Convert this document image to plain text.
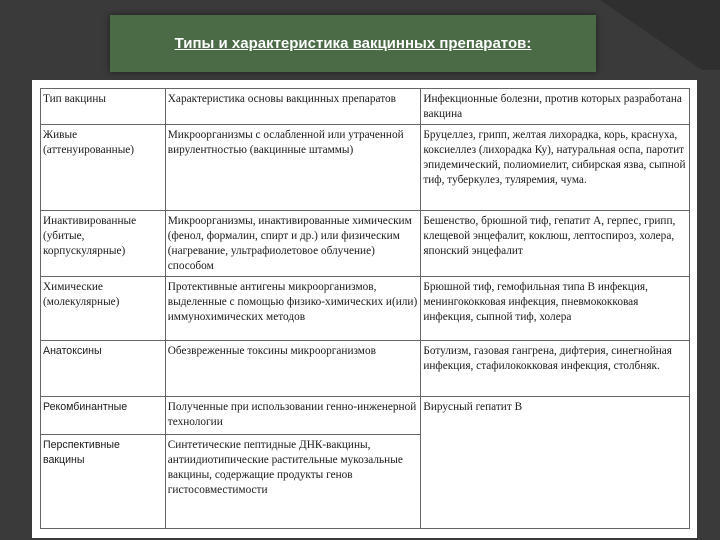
Типы и характеристика вакцинных препаратов:
Тип вакцины	Характеристика основы вакцинных препаратов	Инфекционные болезни, против которых разработана вакцина
Живые (аттенуированные)	Микроорганизмы с ослабленной или утраченной вирулентностью (вакцинные штаммы)	Бруцеллез, грипп, желтая лихорадка, корь, краснуха, коксиеллез (лихорадка Ку), натуральная оспа, паротит эпидемический, полиомиелит, сибирская язва, сыпной тиф, туберкулез, туляремия, чума.
Инактивированные (убитые, корпускулярные)	Микроорганизмы, инактивированные химическим (фенол, формалин, спирт и др.) или физическим (нагревание, ультрафиолетовое облучение) способом	Бешенство, брюшной тиф, гепатит А, герпес, грипп, клещевой энцефалит, коклюш, лептоспироз, холера, японский энцефалит
Химические (молекулярные)	Протективные антигены микроорганизмов, выделенные с помощью физико-химических и(или) иммунохимических методов	Брюшной тиф, гемофильная типа В инфекция, менингококковая инфекция, пневмококковая инфекция, сыпной тиф, холера
Анатоксины	Обезвреженные токсины микроорганизмов	Ботулизм, газовая гангрена, дифтерия, синегнойная инфекция, стафилококковая инфекция, столбняк.
Рекомбинантные	Полученные при использовании генно-инженерной технологии	Вирусный гепатит В
Перспективные вакцины	Синтетические пептидные ДНК-вакцины, антиидиотипические растительные мукозальные вакцины, содержащие продукты генов гистосовместимости	
